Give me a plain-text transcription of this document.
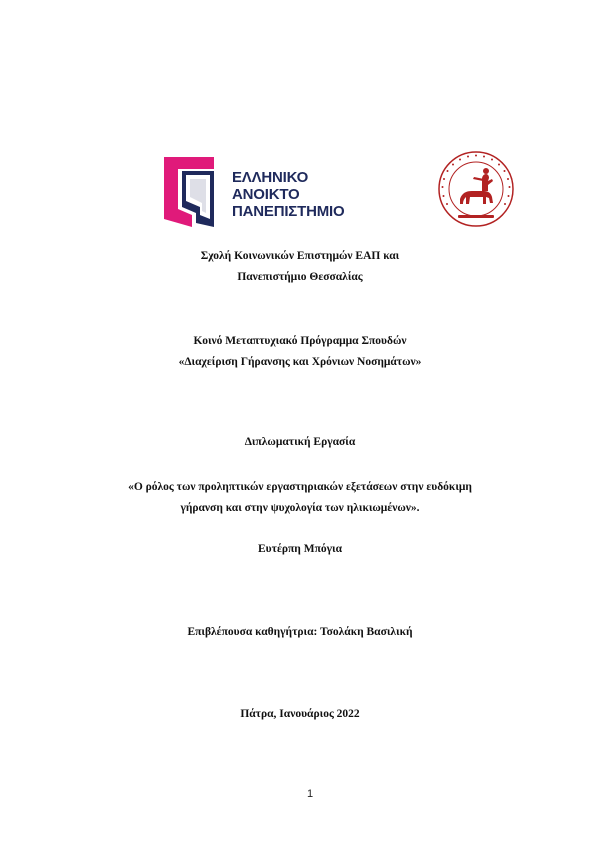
ΕΛΛΗΝΙΚΟ
ΑΝΟΙΚΤΟ
ΠΑΝΕΠΙΣΤΗΜΙΟ
Σχολή Κοινωνικών Επιστημών ΕΑΠ και
Πανεπιστήμιο Θεσσαλίας
Κοινό Μεταπτυχιακό Πρόγραμμα Σπουδών
«Διαχείριση Γήρανσης και Χρόνιων Νοσημάτων»
Διπλωματική Εργασία
«Ο ρόλος των προληπτικών εργαστηριακών εξετάσεων στην ευδόκιμη
γήρανση και στην ψυχολογία των ηλικιωμένων».
Ευτέρπη Μπόγια
Επιβλέπουσα καθηγήτρια: Τσολάκη Βασιλική
Πάτρα, Ιανουάριος 2022
1
